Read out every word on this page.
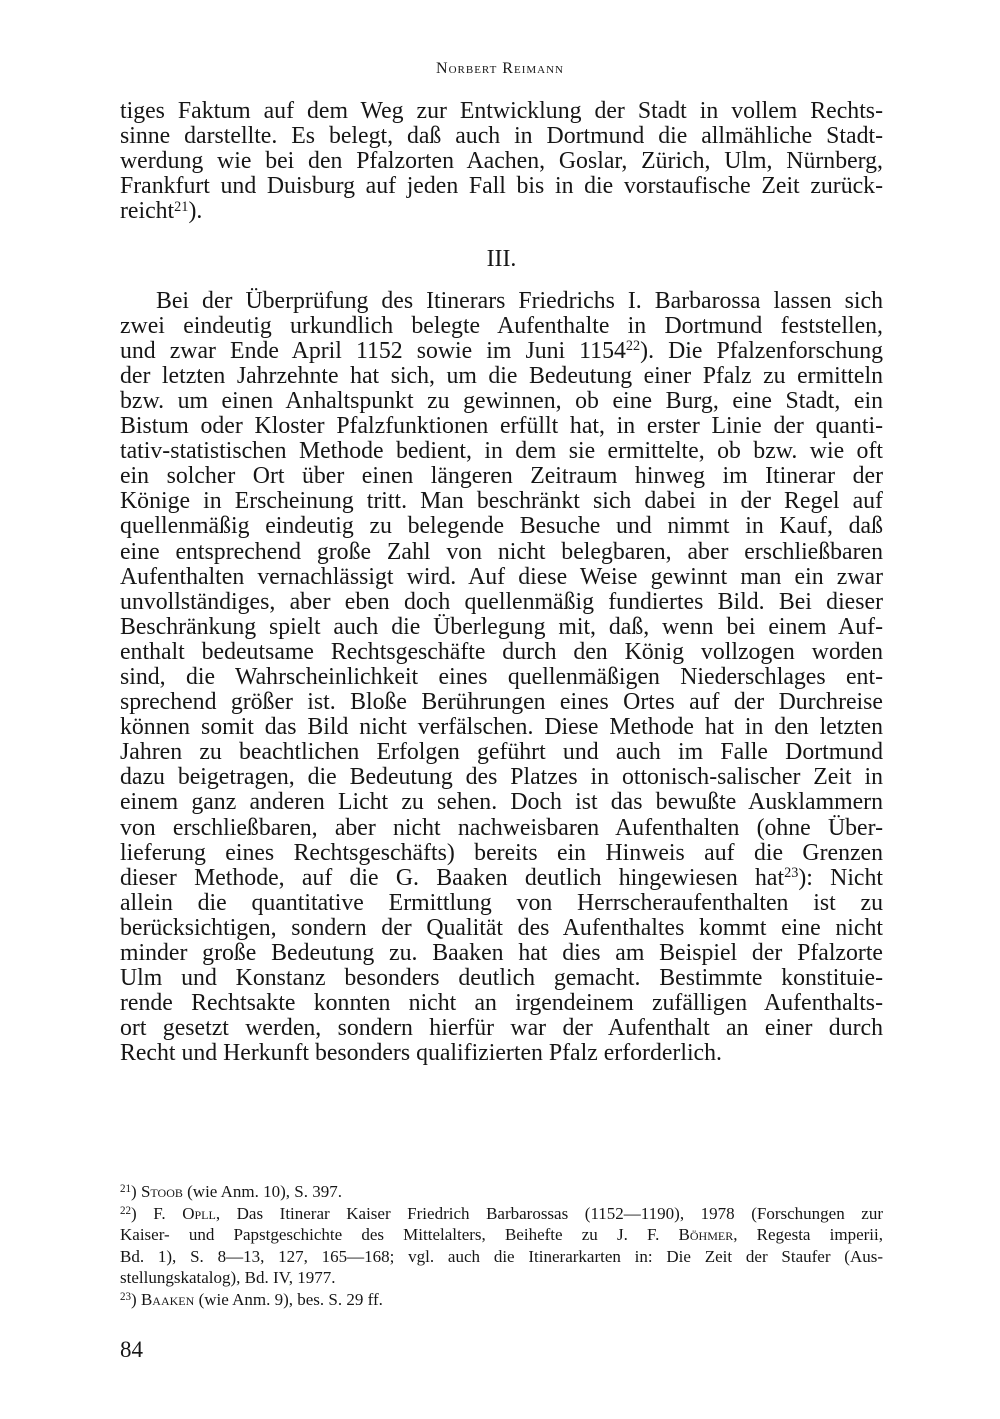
Norbert Reimann
tiges Faktum auf dem Weg zur Entwicklung der Stadt in vollem Rechts-
sinne darstellte. Es belegt, daß auch in Dortmund die allmähliche Stadt-
werdung wie bei den Pfalzorten Aachen, Goslar, Zürich, Ulm, Nürnberg,
Frankfurt und Duisburg auf jeden Fall bis in die vorstaufische Zeit zurück-
reicht$^{21}$).
III.
Bei der Überprüfung des Itinerars Friedrichs I. Barbarossa lassen sich
zwei eindeutig urkundlich belegte Aufenthalte in Dortmund feststellen,
und zwar Ende April 1152 sowie im Juni 1154$^{22}$). Die Pfalzenforschung
der letzten Jahrzehnte hat sich, um die Bedeutung einer Pfalz zu ermitteln
bzw. um einen Anhaltspunkt zu gewinnen, ob eine Burg, eine Stadt, ein
Bistum oder Kloster Pfalzfunktionen erfüllt hat, in erster Linie der quanti-
tativ-statistischen Methode bedient, in dem sie ermittelte, ob bzw. wie oft
ein solcher Ort über einen längeren Zeitraum hinweg im Itinerar der
Könige in Erscheinung tritt. Man beschränkt sich dabei in der Regel auf
quellenmäßig eindeutig zu belegende Besuche und nimmt in Kauf, daß
eine entsprechend große Zahl von nicht belegbaren, aber erschließbaren
Aufenthalten vernachlässigt wird. Auf diese Weise gewinnt man ein zwar
unvollständiges, aber eben doch quellenmäßig fundiertes Bild. Bei dieser
Beschränkung spielt auch die Überlegung mit, daß, wenn bei einem Auf-
enthalt bedeutsame Rechtsgeschäfte durch den König vollzogen worden
sind, die Wahrscheinlichkeit eines quellenmäßigen Niederschlages ent-
sprechend größer ist. Bloße Berührungen eines Ortes auf der Durchreise
können somit das Bild nicht verfälschen. Diese Methode hat in den letzten
Jahren zu beachtlichen Erfolgen geführt und auch im Falle Dortmund
dazu beigetragen, die Bedeutung des Platzes in ottonisch-salischer Zeit in
einem ganz anderen Licht zu sehen. Doch ist das bewußte Ausklammern
von erschließbaren, aber nicht nachweisbaren Aufenthalten (ohne Über-
lieferung eines Rechtsgeschäfts) bereits ein Hinweis auf die Grenzen
dieser Methode, auf die G. Baaken deutlich hingewiesen hat$^{23}$): Nicht
allein die quantitative Ermittlung von Herrscheraufenthalten ist zu
berücksichtigen, sondern der Qualität des Aufenthaltes kommt eine nicht
minder große Bedeutung zu. Baaken hat dies am Beispiel der Pfalzorte
Ulm und Konstanz besonders deutlich gemacht. Bestimmte konstituie-
rende Rechtsakte konnten nicht an irgendeinem zufälligen Aufenthalts-
ort gesetzt werden, sondern hierfür war der Aufenthalt an einer durch
Recht und Herkunft besonders qualifizierten Pfalz erforderlich.
$^{21}$) Stoob (wie Anm. 10), S. 397.
$^{22}$) F. Opll, Das Itinerar Kaiser Friedrich Barbarossas (1152—1190), 1978 (Forschungen zur
Kaiser- und Papstgeschichte des Mittelalters, Beihefte zu J. F. Böhmer, Regesta imperii,
Bd. 1), S. 8—13, 127, 165—168; vgl. auch die Itinerarkarten in: Die Zeit der Staufer (Aus-
stellungskatalog), Bd. IV, 1977.
$^{23}$) Baaken (wie Anm. 9), bes. S. 29 ff.
84
